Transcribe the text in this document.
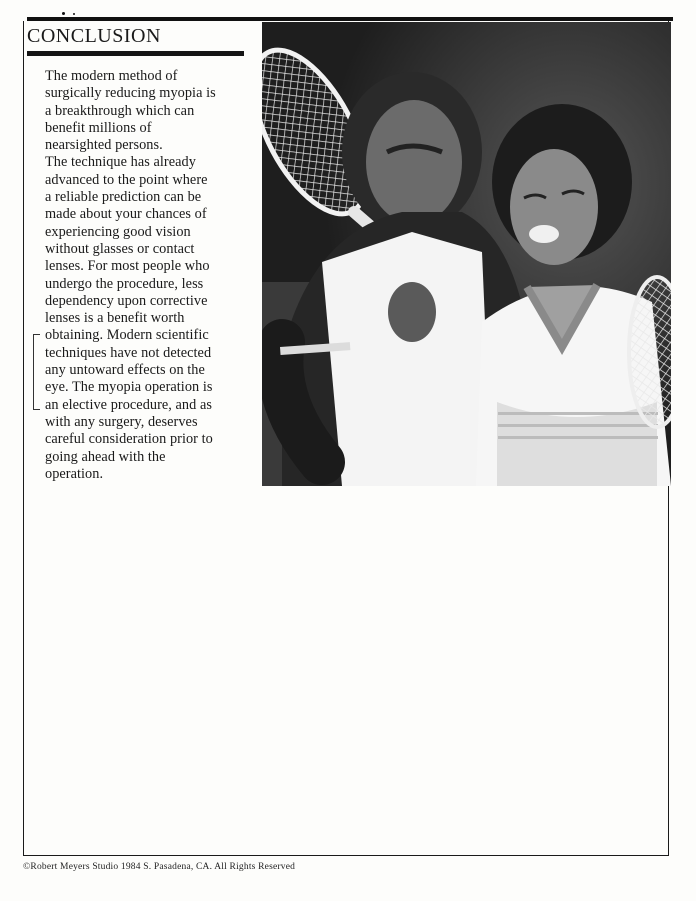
CONCLUSION
The modern method of
surgically reducing myopia is
a breakthrough which can
benefit millions of
nearsighted persons.
The technique has already
advanced to the point where
a reliable prediction can be
made about your chances of
experiencing good vision
without glasses or contact
lenses. For most people who
undergo the procedure, less
dependency upon corrective
lenses is a benefit worth
obtaining. Modern scientific
techniques have not detected
any untoward effects on the
eye. The myopia operation is
an elective procedure, and as
with any surgery, deserves
careful consideration prior to
going ahead with the
operation.
©Robert Meyers Studio 1984 S. Pasadena, CA. All Rights Reserved
